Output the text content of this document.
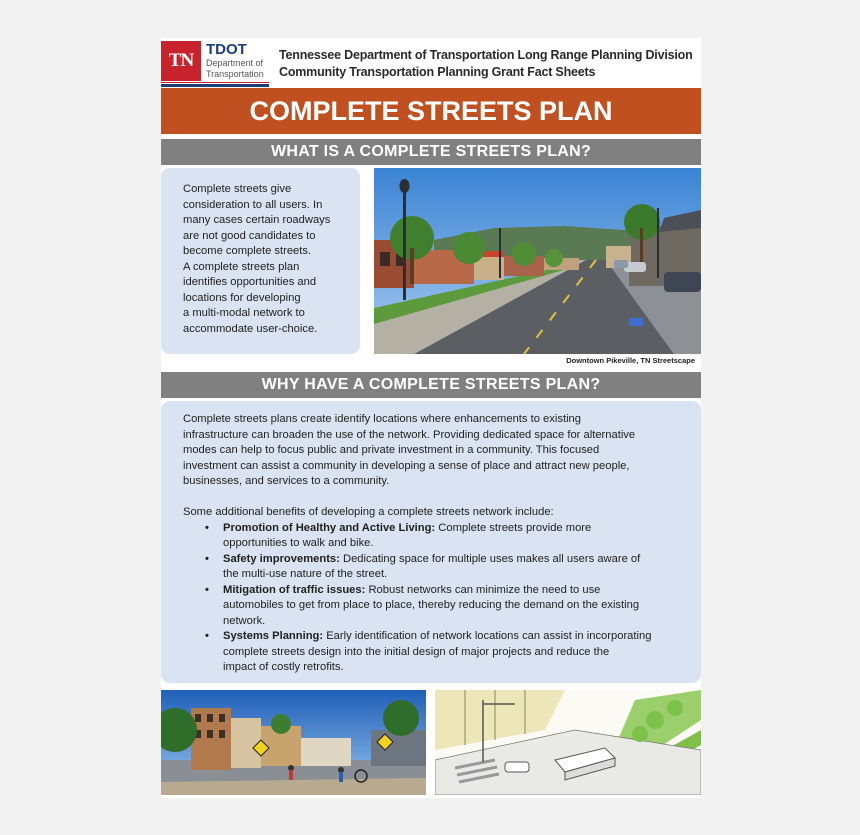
TN
TDOT
Department of
Transportation
Tennessee Department of Transportation Long Range Planning Division
Community Transportation Planning Grant Fact Sheets
COMPLETE STREETS PLAN
WHAT IS A COMPLETE STREETS PLAN?

Complete streets give

consideration to all users. In

many cases certain roadways

are not good candidates to

become complete streets.

A complete streets plan

identifies opportunities and

locations for developing

a multi-modal network to

accommodate user-choice.

Downtown Pikeville, TN Streetscape
WHY HAVE A COMPLETE STREETS PLAN?

Complete streets plans create identify locations where enhancements to existing

infrastructure can broaden the use of the network. Providing dedicated space for alternative

modes can help to focus public and private investment in a community. This focused

investment can assist a community in developing a sense of place and attract new people,

businesses, and services to a community.

Some additional benefits of developing a complete streets network include:

• Promotion of Healthy and Active Living: Complete streets provide more
opportunities to walk and bike.
• Safety improvements: Dedicating space for multiple uses makes all users aware of
the multi-use nature of the street.
• Mitigation of traffic issues: Robust networks can minimize the need to use
automobiles to get from place to place, thereby reducing the demand on the existing
network.
• Systems Planning: Early identification of network locations can assist in incorporating
complete streets design into the initial design of major projects and reduce the
impact of costly retrofits.
